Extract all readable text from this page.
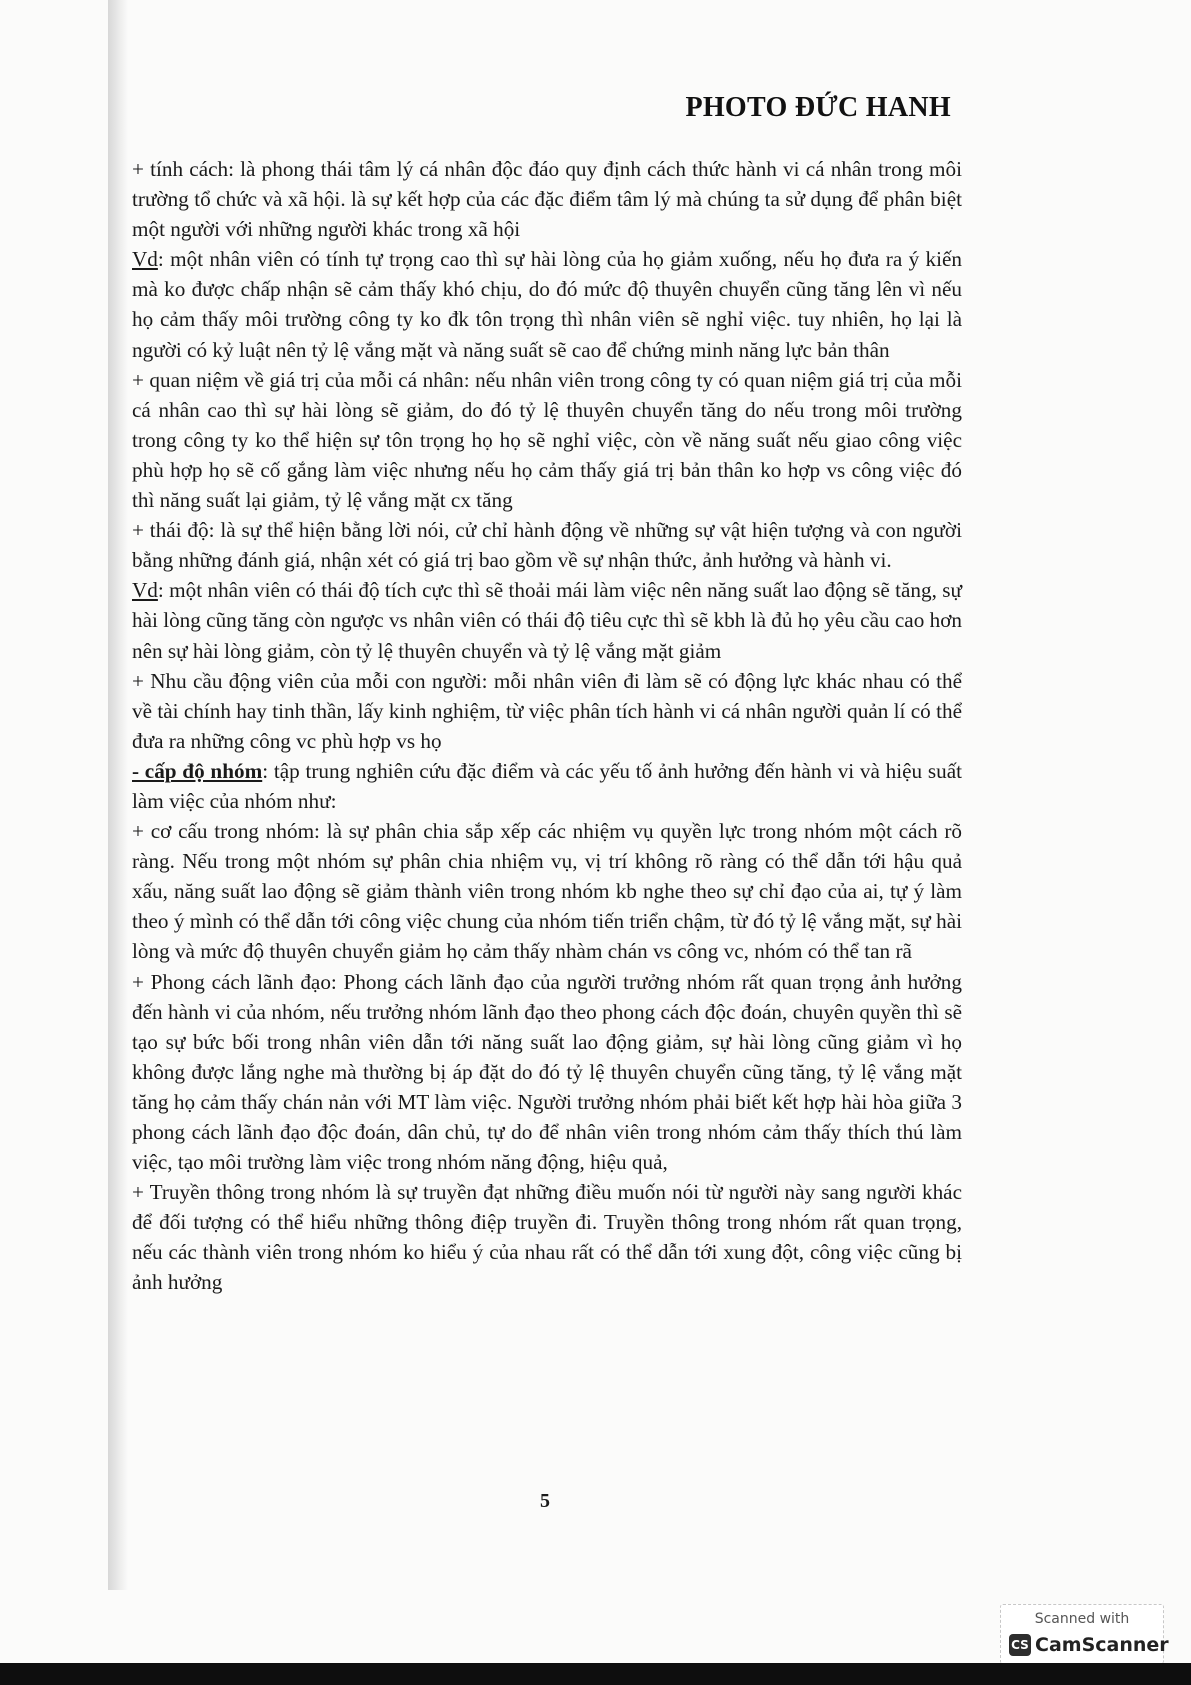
PHOTO ĐỨC HANH

+ tính cách: là phong thái tâm lý cá nhân độc đáo quy định cách thức hành vi cá nhân trong môi trường tổ chức và xã hội. là sự kết hợp của các đặc điểm tâm lý mà chúng ta sử dụng để phân biệt một người với những người khác trong xã hội

Vd: một nhân viên có tính tự trọng cao thì sự hài lòng của họ giảm xuống, nếu họ đưa ra ý kiến mà ko được chấp nhận sẽ cảm thấy khó chịu, do đó mức độ thuyên chuyển cũng tăng lên vì nếu họ cảm thấy môi trường công ty ko đk tôn trọng thì nhân viên sẽ nghỉ việc. tuy nhiên, họ lại là người có kỷ luật nên tỷ lệ vắng mặt và năng suất sẽ cao để chứng minh năng lực bản thân

+ quan niệm về giá trị của mỗi cá nhân: nếu nhân viên trong công ty có quan niệm giá trị của mỗi cá nhân cao thì sự hài lòng sẽ giảm, do đó tỷ lệ thuyên chuyển tăng do nếu trong môi trường trong công ty ko thể hiện sự tôn trọng họ họ sẽ nghỉ việc, còn về năng suất nếu giao công việc phù hợp họ sẽ cố gắng làm việc nhưng nếu họ cảm thấy giá trị bản thân ko hợp vs công việc đó thì năng suất lại giảm, tỷ lệ vắng mặt cx tăng

+ thái độ: là sự thể hiện bằng lời nói, cử chỉ hành động về những sự vật hiện tượng và con người bằng những đánh giá, nhận xét có giá trị bao gồm về sự nhận thức, ảnh hưởng và hành vi.

Vd: một nhân viên có thái độ tích cực thì sẽ thoải mái làm việc nên năng suất lao động sẽ tăng, sự hài lòng cũng tăng còn ngược vs nhân viên có thái độ tiêu cực thì sẽ kbh là đủ họ yêu cầu cao hơn nên sự hài lòng giảm, còn tỷ lệ thuyên chuyển và tỷ lệ vắng mặt giảm

+ Nhu cầu động viên của mỗi con người: mỗi nhân viên đi làm sẽ có động lực khác nhau có thể về tài chính hay tinh thần, lấy kinh nghiệm, từ việc phân tích hành vi cá nhân người quản lí có thể đưa ra những công vc phù hợp vs họ

- cấp độ nhóm: tập trung nghiên cứu đặc điểm và các yếu tố ảnh hưởng đến hành vi và hiệu suất làm việc của nhóm như:

+ cơ cấu trong nhóm: là sự phân chia sắp xếp các nhiệm vụ quyền lực trong nhóm một cách rõ ràng. Nếu trong một nhóm sự phân chia nhiệm vụ, vị trí không rõ ràng có thể dẫn tới hậu quả xấu, năng suất lao động sẽ giảm thành viên trong nhóm kb nghe theo sự chỉ đạo của ai, tự ý làm theo ý mình có thể dẫn tới công việc chung của nhóm tiến triển chậm, từ đó tỷ lệ vắng mặt, sự hài lòng và mức độ thuyên chuyển giảm họ cảm thấy nhàm chán vs công vc, nhóm có thể tan rã

+ Phong cách lãnh đạo: Phong cách lãnh đạo của người trưởng nhóm rất quan trọng ảnh hưởng đến hành vi của nhóm, nếu trưởng nhóm lãnh đạo theo phong cách độc đoán, chuyên quyền thì sẽ tạo sự bức bối trong nhân viên dẫn tới năng suất lao động giảm, sự hài lòng cũng giảm vì họ không được lắng nghe mà thường bị áp đặt do đó tỷ lệ thuyên chuyển cũng tăng, tỷ lệ vắng mặt tăng họ cảm thấy chán nản với MT làm việc. Người trưởng nhóm phải biết kết hợp hài hòa giữa 3 phong cách lãnh đạo độc đoán, dân chủ, tự do để nhân viên trong nhóm cảm thấy thích thú làm việc, tạo môi trường làm việc trong nhóm năng động, hiệu quả,

+ Truyền thông trong nhóm là sự truyền đạt những điều muốn nói từ người này sang người khác để đối tượng có thể hiểu những thông điệp truyền đi. Truyền thông trong nhóm rất quan trọng, nếu các thành viên trong nhóm ko hiểu ý của nhau rất có thể dẫn tới xung đột, công việc cũng bị ảnh hưởng

5
Scanned with
CS CamScanner
